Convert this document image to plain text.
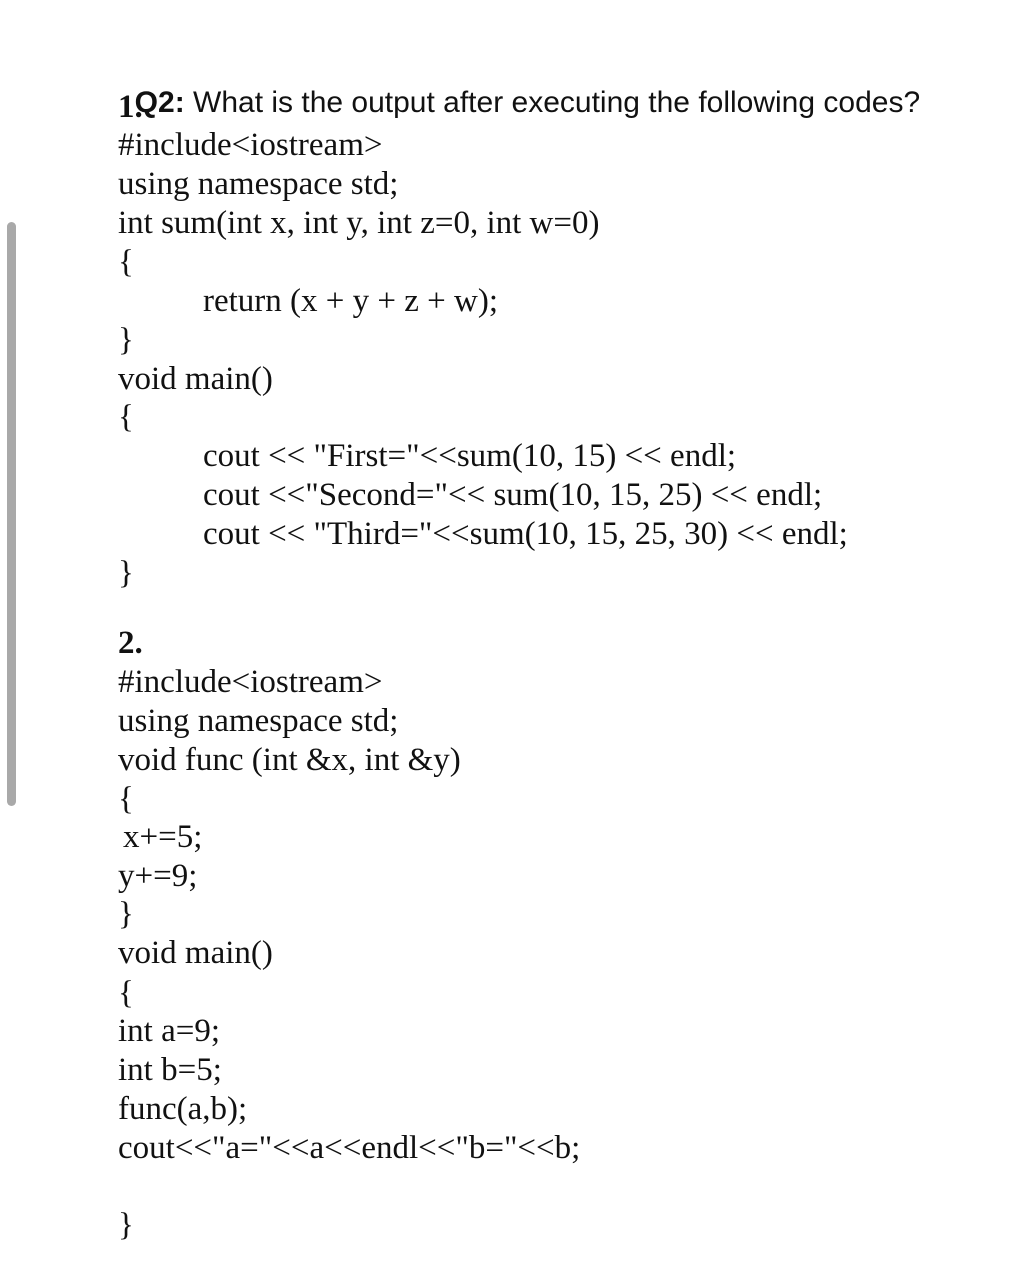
Q2: What is the output after executing the following codes?

1.
#include<iostream>
using namespace std;
int sum(int x, int y, int z=0, int w=0)
{
return (x + y + z + w);
}
void main()
{
cout << "First="<<sum(10, 15) << endl;
cout <<"Second="<< sum(10, 15, 25) << endl;
cout << "Third="<<sum(10, 15, 25, 30) << endl;
}
2.
#include<iostream>
using namespace std;
void func (int &x, int &y)
{
x+=5;
y+=9;
}
void main()
{
int a=9;
int b=5;
func(a,b);
cout<<"a="<<a<<endl<<"b="<<b;
}
